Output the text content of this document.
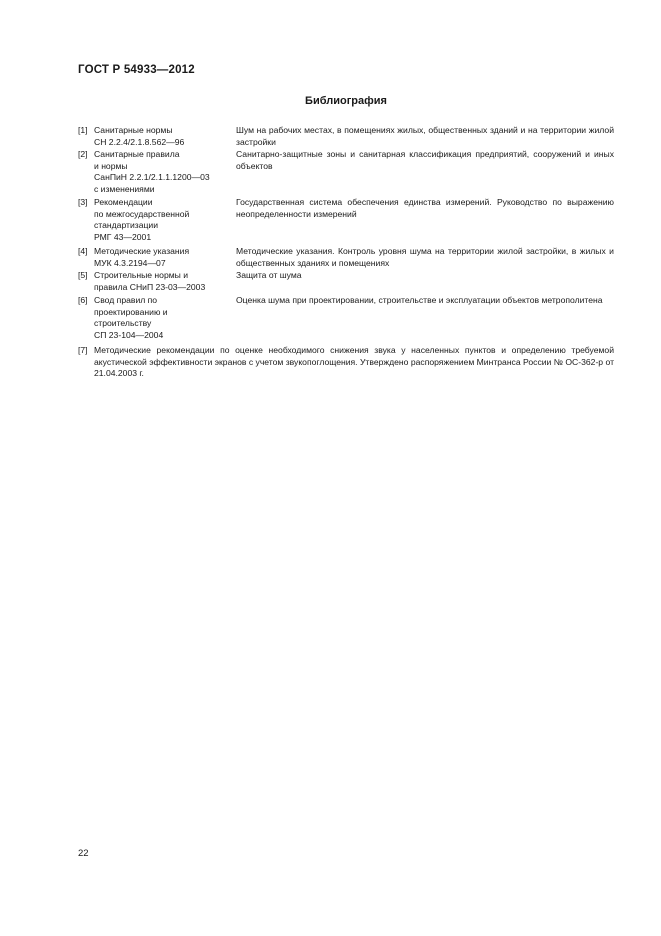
ГОСТ Р 54933—2012
Библиография
[1] Санитарные нормы
СН 2.2.4/2.1.8.562—96
Шум на рабочих местах, в помещениях жилых, общественных зданий и на территории жилой застройки
[2] Санитарные правила
и нормы
СанПиН 2.2.1/2.1.1.1200—03
с изменениями
Санитарно-защитные зоны и санитарная классификация предприятий, сооружений и иных объектов
[3] Рекомендации
по межгосударственной
стандартизации
РМГ 43—2001
Государственная система обеспечения единства измерений. Руководство по выражению неопределенности измерений
[4] Методические указания
МУК 4.3.2194—07
Методические указания. Контроль уровня шума на территории жилой застройки, в жилых и общественных зданиях и помещениях
[5] Строительные нормы и
правила СНиП 23-03—2003
Защита от шума
[6] Свод правил по
проектированию и
строительству
СП 23-104—2004
Оценка шума при проектировании, строительстве и эксплуатации объектов метрополитена
[7] Методические рекомендации по оценке необходимого снижения звука у населенных пунктов и определению требуемой акустической эффективности экранов с учетом звукопоглощения. Утверждено распоряжением Минтранса России № ОС-362-р от 21.04.2003 г.
22
